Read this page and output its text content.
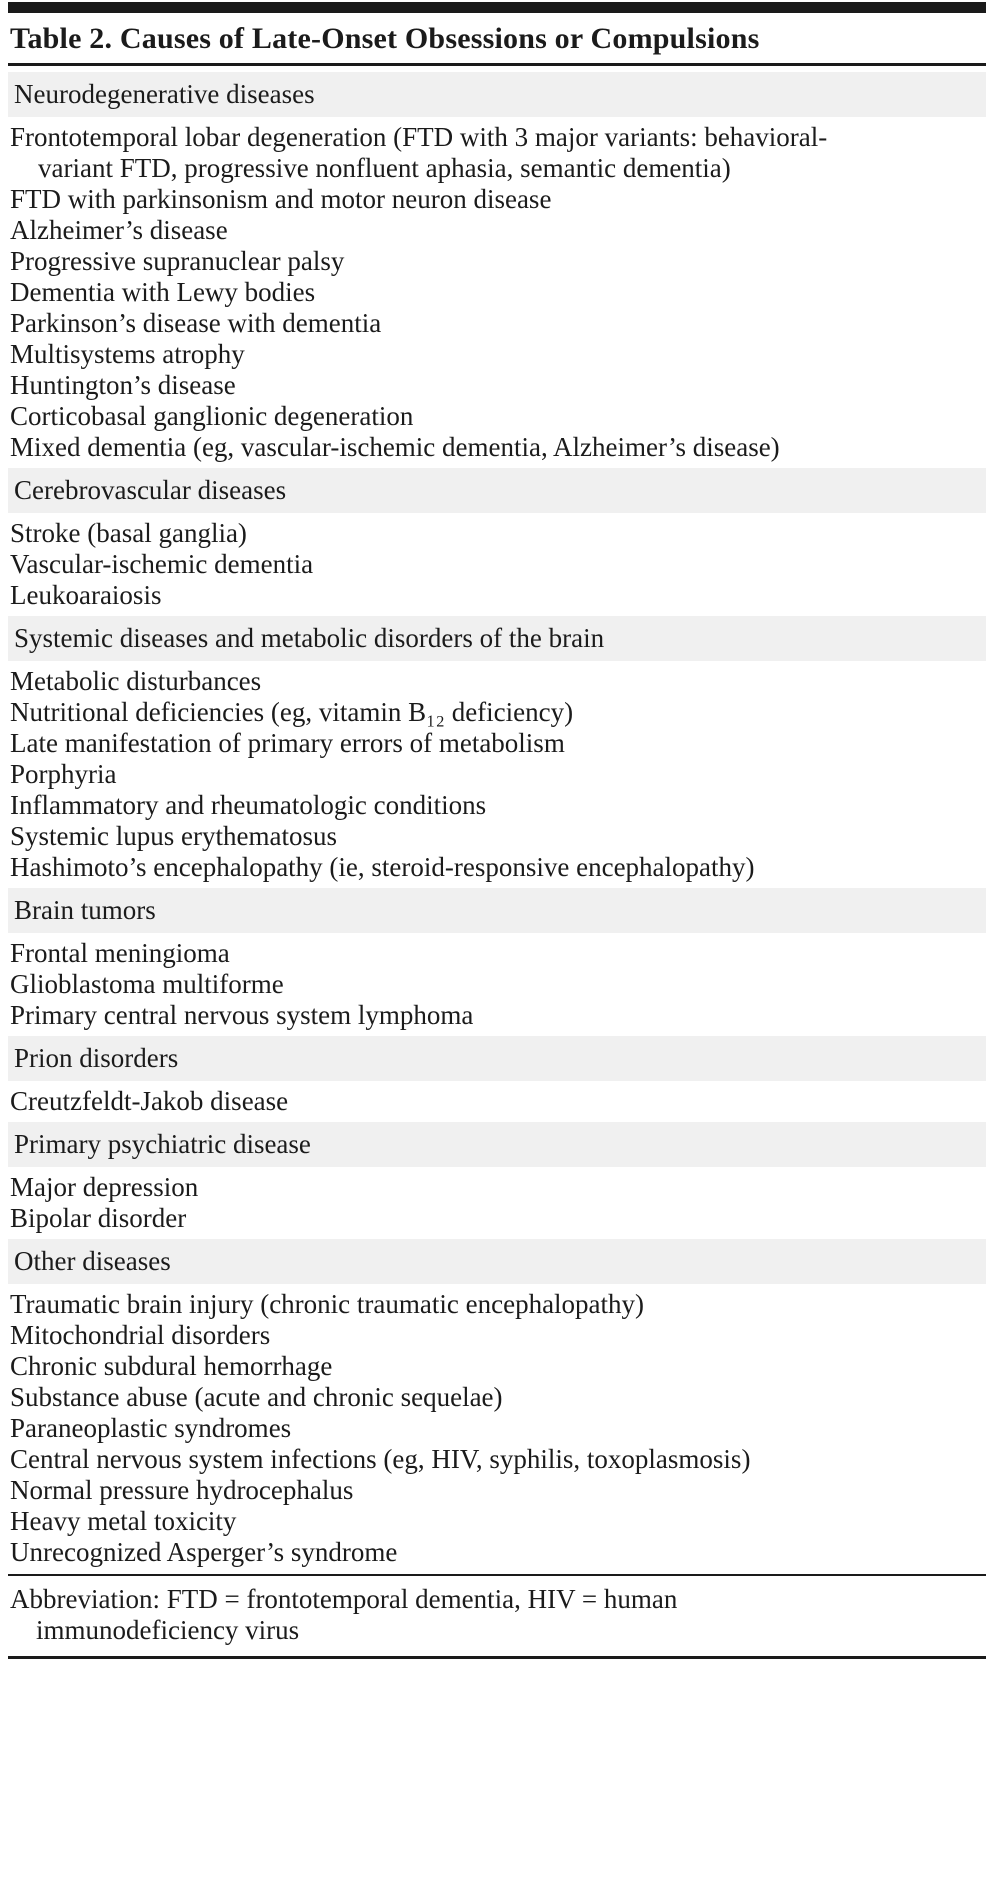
Table 2. Causes of Late-Onset Obsessions or Compulsions
Neurodegenerative diseases
Frontotemporal lobar degeneration (FTD with 3 major variants: behavioral-variant FTD, progressive nonfluent aphasia, semantic dementia)
FTD with parkinsonism and motor neuron disease
Alzheimer’s disease
Progressive supranuclear palsy
Dementia with Lewy bodies
Parkinson’s disease with dementia
Multisystems atrophy
Huntington’s disease
Corticobasal ganglionic degeneration
Mixed dementia (eg, vascular-ischemic dementia, Alzheimer’s disease)
Cerebrovascular diseases
Stroke (basal ganglia)
Vascular-ischemic dementia
Leukoaraiosis
Systemic diseases and metabolic disorders of the brain
Metabolic disturbances
Nutritional deficiencies (eg, vitamin B₁₂ deficiency)
Late manifestation of primary errors of metabolism
Porphyria
Inflammatory and rheumatologic conditions
Systemic lupus erythematosus
Hashimoto’s encephalopathy (ie, steroid-responsive encephalopathy)
Brain tumors
Frontal meningioma
Glioblastoma multiforme
Primary central nervous system lymphoma
Prion disorders
Creutzfeldt-Jakob disease
Primary psychiatric disease
Major depression
Bipolar disorder
Other diseases
Traumatic brain injury (chronic traumatic encephalopathy)
Mitochondrial disorders
Chronic subdural hemorrhage
Substance abuse (acute and chronic sequelae)
Paraneoplastic syndromes
Central nervous system infections (eg, HIV, syphilis, toxoplasmosis)
Normal pressure hydrocephalus
Heavy metal toxicity
Unrecognized Asperger’s syndrome
Abbreviation: FTD = frontotemporal dementia, HIV = human immunodeficiency virus
